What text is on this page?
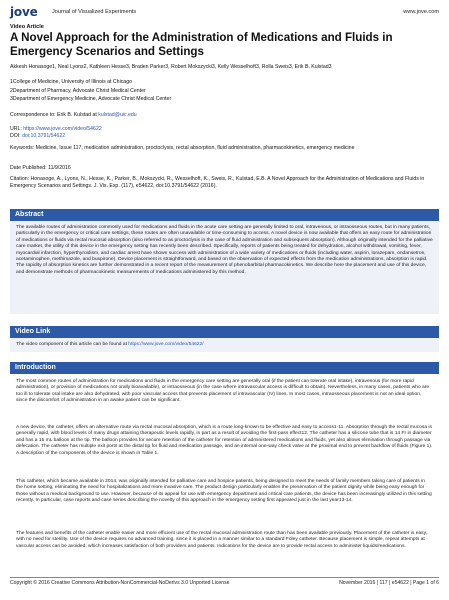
jove	Journal of Visualized Experiments	www.jove.com
Video Article
A Novel Approach for the Administration of Medications and Fluids in Emergency Scenarios and Settings
Akkesh Honasoge1, Neal Lyons2, Kathleen Hesse3, Braden Parker3, Robert Mokszycki3, Kelly Wesselhoft3, Rolla Sweis3, Erik B. Kulstad3
1College of Medicine, University of Illinois at Chicago
2Department of Pharmacy, Advocate Christ Medical Center
3Department of Emergency Medicine, Advocate Christ Medical Center
Correspondence to: Erik B. Kulstad at kulstad@uic.edu
URL: https://www.jove.com/video/54622
DOI: doi:10.3791/54622
Keywords: Medicine, Issue 117, medication administration, proctoclysis, rectal absorption, fluid administration, pharmacokinetics, emergency medicine
Date Published: 11/9/2016
Citation: Honasoge, A., Lyons, N., Hesse, K., Parker, B., Mokszycki, R., Wesselhoft, K., Sweis, R., Kulstad, E.B. A Novel Approach for the Administration of Medications and Fluids in Emergency Scenarios and Settings. J. Vis. Exp. (117), e54622, doi:10.3791/54622 (2016).
Abstract
The available routes of administration commonly used for medications and fluids in the acute care setting are generally limited to oral, intravenous, or intraosseous routes, but in many patients, particularly in the emergency or critical care settings, these routes are often unavailable or time-consuming to access. A novel device is now available that offers an easy route for administration of medications or fluids via rectal mucosal absorption (also referred to as proctoclysis in the case of fluid administration and subsequent absorption). Although originally intended for the palliative care market, the utility of this device in the emergency setting has recently been described. Specifically, reports of patients being treated for dehydration, alcohol withdrawal, vomiting, fever, myocardial infarction, hyperthyroidism, and cardiac arrest have shown success with administration of a wide variety of medications or fluids (including water, aspirin, lorazepam, ondansetron, acetaminophen, methimazole, and buspirone). Device placement is straightforward, and based on the observation of expected effects from the medication administrations, absorption is rapid. The rapidity of absorption kinetics are further demonstrated in a recent report of the measurement of phenobarbital pharmacokinetics. We describe here the placement and use of this device, and demonstrate methods of pharmacokinetic measurements of medications administered by this method.
Video Link
The video component of this article can be found at https://www.jove.com/video/54622/
Introduction
The most common routes of administration for medications and fluids in the emergency care setting are generally oral (if the patient can tolerate oral intake), intravenous (for more rapid administration), or provision of medications not orally bioavailable), or intraosseous (in the case where intravascular access is difficult to obtain). Nevertheless, in many cases, patients who are too ill to tolerate oral intake are also dehydrated, with poor vascular access that prevents placement of intravascular (IV) lines. In most cases, intraosseous placement is not an ideal option, since the discomfort of administration in an awake patient can be significant.
A new device, the catheter, offers an alternative route via rectal mucosal absorption, which is a route long-known to be effective and easy to access1-11. Absorption through the rectal mucosa is generally rapid, with blood levels of many drugs attaining therapeutic levels rapidly, in part as a result of avoiding the first-pass effect12. The catheter has a silicone tube that is 14 Fr in diameter and has a 15 mL balloon at the tip. The balloon provides for secure retention of the catheter for retention of administered medications and fluids, yet also allows elimination through passage via defecation. The catheter has multiple exit ports at the distal tip for fluid and medication passage, and an internal one-way check valve at the proximal end to prevent backflow of fluids (Figure 1). A description of the components of the device is shown in Table 1.
This catheter, which became available in 2014, was originally intended for palliative care and hospice patients, being designed to meet the needs of family members taking care of patients in the home setting, eliminating the need for hospitalizations and more invasive care. The product design particularly enables the preservation of the patient dignity while being easy enough for those without a medical background to use. However, because of its appeal for use with emergency department and critical care patients, the device has been increasingly utilized in this setting recently. In particular, case reports and case series describing the novelty of this approach in the emergency setting first appeared just in the last year13-14.
The features and benefits of the catheter enable easier and more efficient use of the rectal mucosal administration route than has been available previously. Placement of the catheter is easy, with no need for sterility. Use of the device requires no advanced training, since it is placed in a manner similar to a standard Foley catheter. Because placement is simple, repeat attempts at vascular access can be avoided, which increases satisfaction of both providers and patients. Indications for the device are to provide rectal access to administer liquids/medications.
Copyright © 2016 Creative Commons Attribution-NonCommercial-NoDerivs 3.0 Unported License	November 2016 | 117 | e54622 | Page 1 of 6
